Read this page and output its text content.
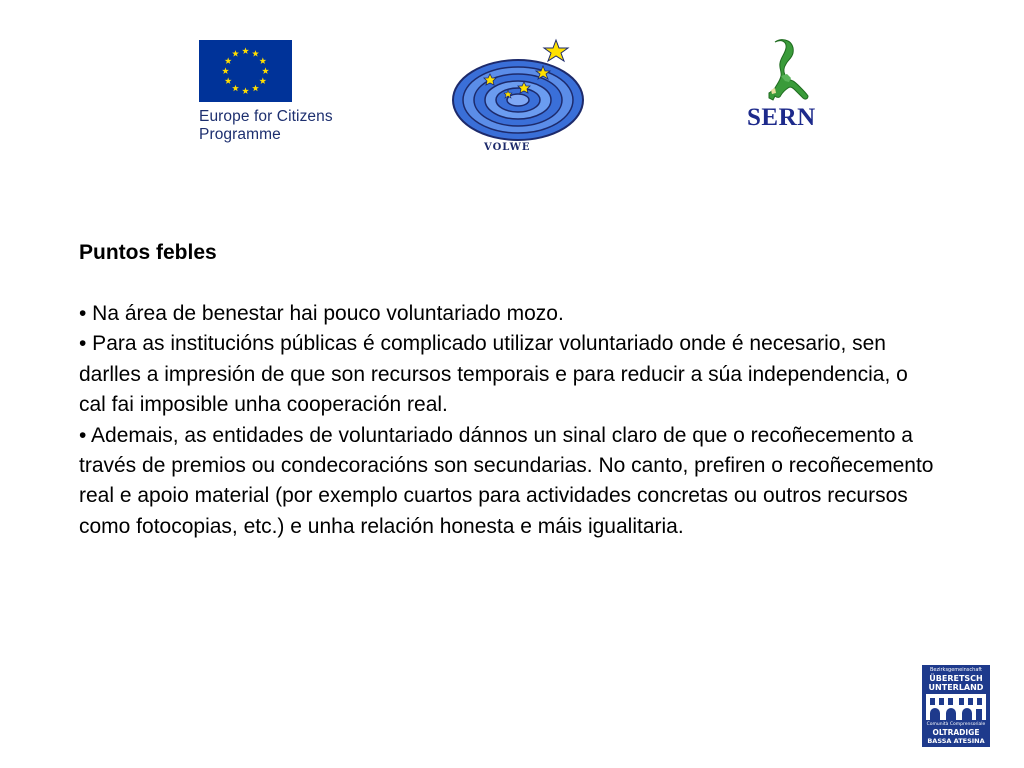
Europe for Citizens
Programme
VOLWE
SERN

Puntos febles

• Na área de benestar hai pouco voluntariado mozo.

• Para as institucións públicas é complicado utilizar voluntariado onde é necesario, sen darlles a impresión de que son recursos temporais e para reducir a súa independencia, o cal fai imposible unha cooperación real.

• Ademais, as entidades de voluntariado dánnos un sinal claro de que o recoñecemento a través de premios ou condecoracións son secundarias. No canto, prefiren o recoñecemento real e apoio material (por exemplo cuartos para actividades concretas ou outros recursos como fotocopias, etc.) e unha relación honesta e máis igualitaria.

Bezirksgemeinschaft
ÜBERETSCH
UNTERLAND
Comunità Comprensoriale
OLTRADIGE
BASSA ATESINA
